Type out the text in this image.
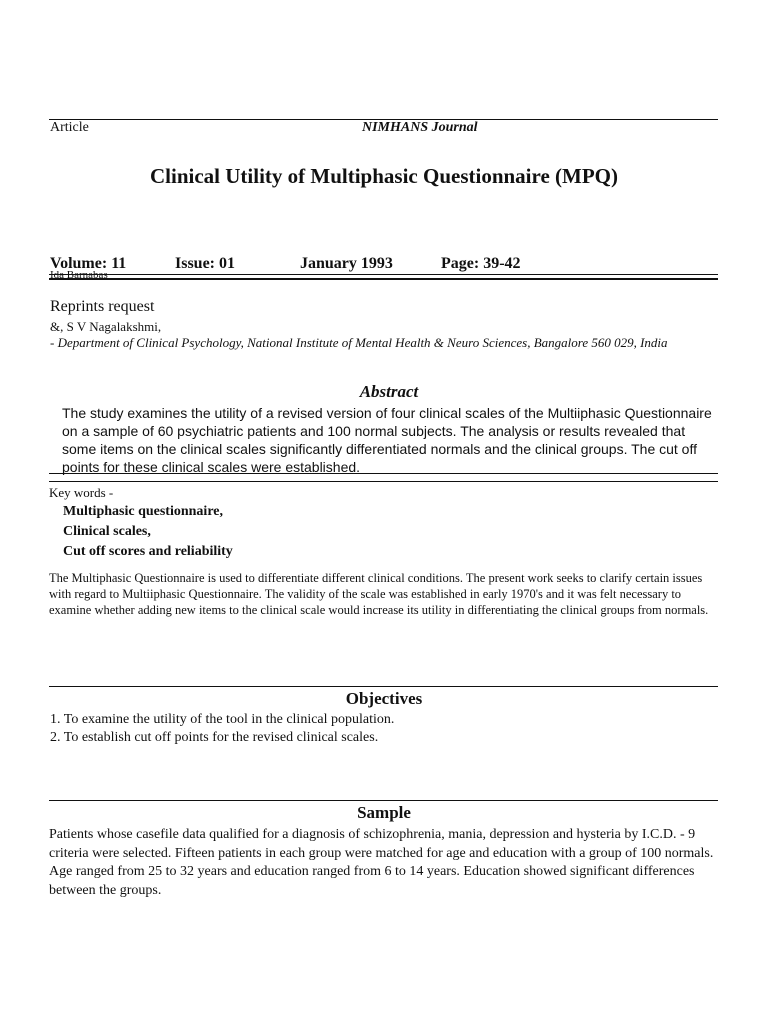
Article	NIMHANS Journal
Clinical Utility of Multiphasic Questionnaire (MPQ)
Volume: 11	Issue: 01	January 1993	Page: 39-42
Ida Barnabas
Reprints request
&, S V Nagalakshmi,
- Department of Clinical Psychology, National Institute of Mental Health & Neuro Sciences, Bangalore 560 029, India
Abstract
The study examines the utility of a revised version of four clinical scales of the Multiiphasic Questionnaire on a sample of 60 psychiatric patients and 100 normal subjects. The analysis or results revealed that some items on the clinical scales significantly differentiated normals and the clinical groups. The cut off points for these clinical scales were established.
Key words -
Multiphasic questionnaire,
Clinical scales,
Cut off scores and reliability
The Multiphasic Questionnaire is used to differentiate different clinical conditions. The present work seeks to clarify certain issues with regard to Multiiphasic Questionnaire. The validity of the scale was established in early 1970's and it was felt necessary to examine whether adding new items to the clinical scale would increase its utility in differentiating the clinical groups from normals.
Objectives
1. To examine the utility of the tool in the clinical population.
2. To establish cut off points for the revised clinical scales.
Sample
Patients whose casefile data qualified for a diagnosis of schizophrenia, mania, depression and hysteria by I.C.D. - 9 criteria were selected. Fifteen patients in each group were matched for age and education with a group of 100 normals. Age ranged from 25 to 32 years and education ranged from 6 to 14 years. Education showed significant differences between the groups.
